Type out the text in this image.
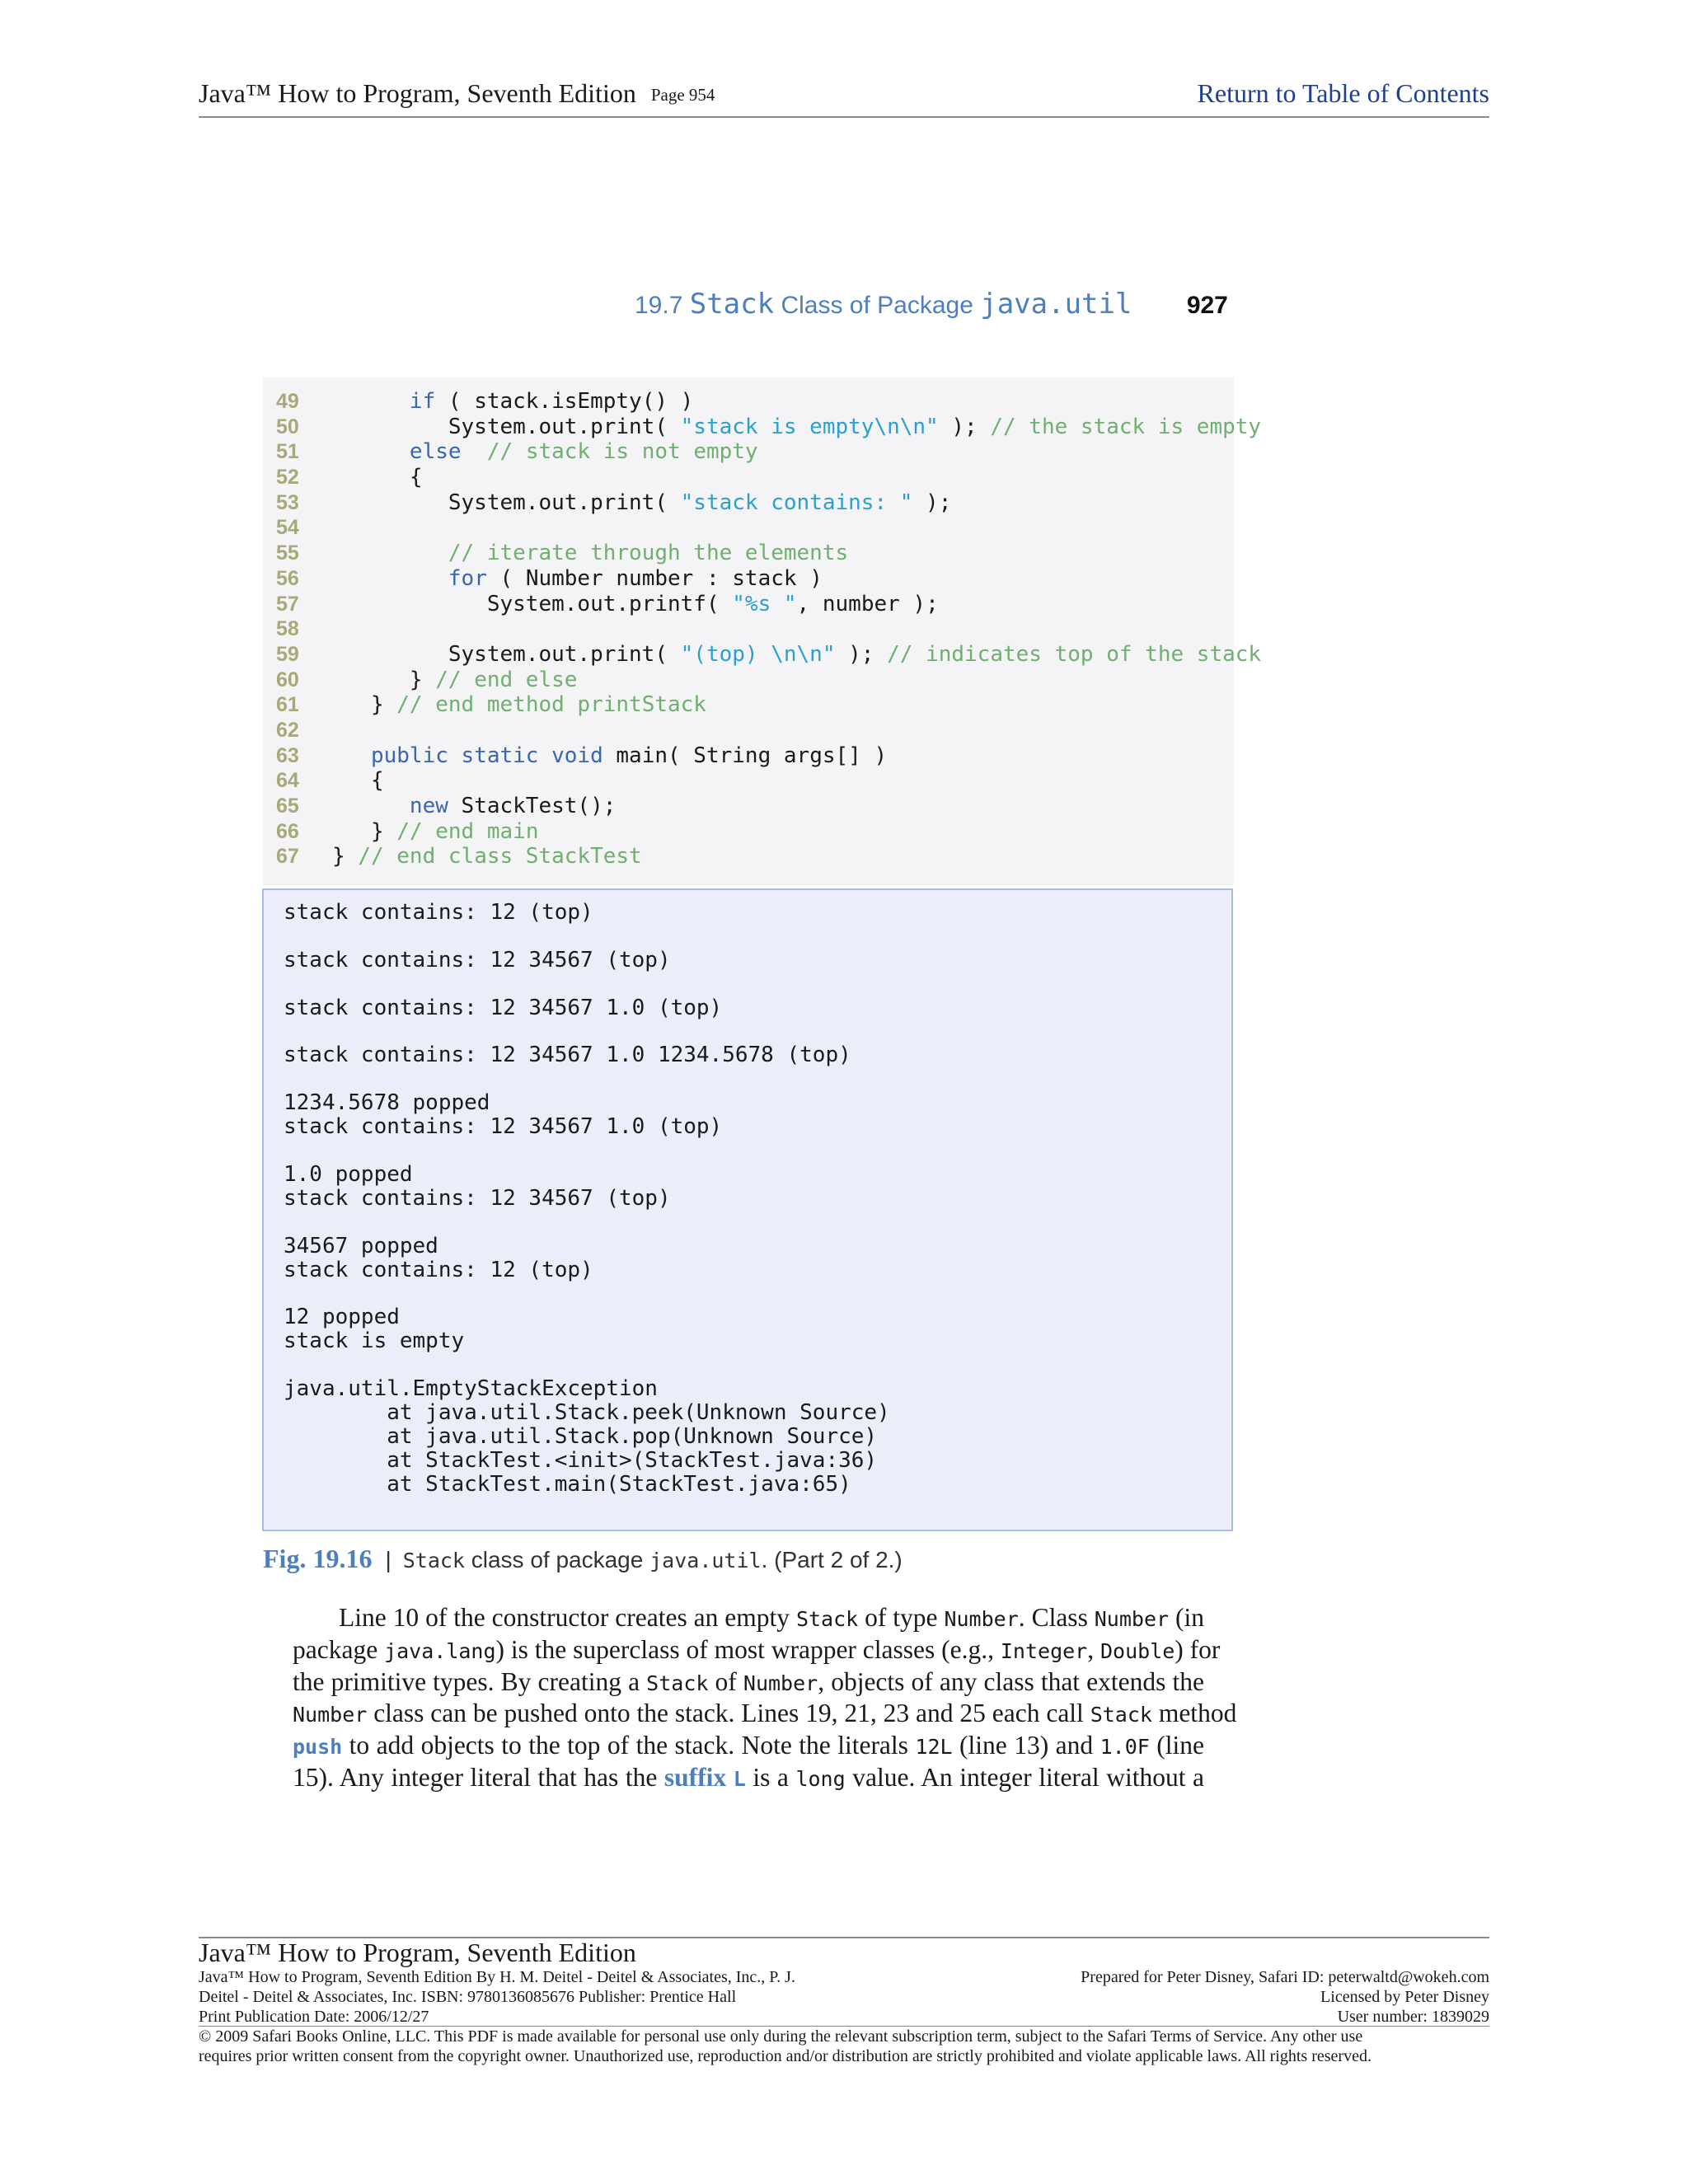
Java™ How to Program, Seventh Edition Page 954	Return to Table of Contents
19.7 Stack Class of Package java.util 927
49	if ( stack.isEmpty() )
50	System.out.print( "stack is empty\n\n" ); // the stack is empty
51	else // stack is not empty
52	{
53	System.out.print( "stack contains: " );
54
55	// iterate through the elements
56	for ( Number number : stack )
57	System.out.printf( "%s ", number );
58
59	System.out.print( "(top) \n\n" ); // indicates top of the stack
60	} // end else
61	} // end method printStack
62
63	public static void main( String args[] )
64	{
65	new StackTest();
66	} // end main
67	} // end class StackTest
stack contains: 12 (top)
stack contains: 12 34567 (top)
stack contains: 12 34567 1.0 (top)
stack contains: 12 34567 1.0 1234.5678 (top)
1234.5678 popped
stack contains: 12 34567 1.0 (top)
1.0 popped
stack contains: 12 34567 (top)
34567 popped
stack contains: 12 (top)
12 popped
stack is empty
java.util.EmptyStackException
at java.util.Stack.peek(Unknown Source)
at java.util.Stack.pop(Unknown Source)
at StackTest.<init>(StackTest.java:36)
at StackTest.main(StackTest.java:65)
Fig. 19.16 | Stack class of package java.util. (Part 2 of 2.)
Line 10 of the constructor creates an empty Stack of type Number. Class Number (in
package java.lang) is the superclass of most wrapper classes (e.g., Integer, Double) for
the primitive types. By creating a Stack of Number, objects of any class that extends the
Number class can be pushed onto the stack. Lines 19, 21, 23 and 25 each call Stack method
push to add objects to the top of the stack. Note the literals 12L (line 13) and 1.0F (line
15). Any integer literal that has the suffix L is a long value. An integer literal without a
Java™ How to Program, Seventh Edition
Java™ How to Program, Seventh Edition By H. M. Deitel - Deitel & Associates, Inc., P. J.
Deitel - Deitel & Associates, Inc. ISBN: 9780136085676 Publisher: Prentice Hall
Print Publication Date: 2006/12/27
Prepared for Peter Disney, Safari ID: peterwaltd@wokeh.com
Licensed by Peter Disney
User number: 1839029
© 2009 Safari Books Online, LLC. This PDF is made available for personal use only during the relevant subscription term, subject to the Safari Terms of Service. Any other use
requires prior written consent from the copyright owner. Unauthorized use, reproduction and/or distribution are strictly prohibited and violate applicable laws. All rights reserved.
